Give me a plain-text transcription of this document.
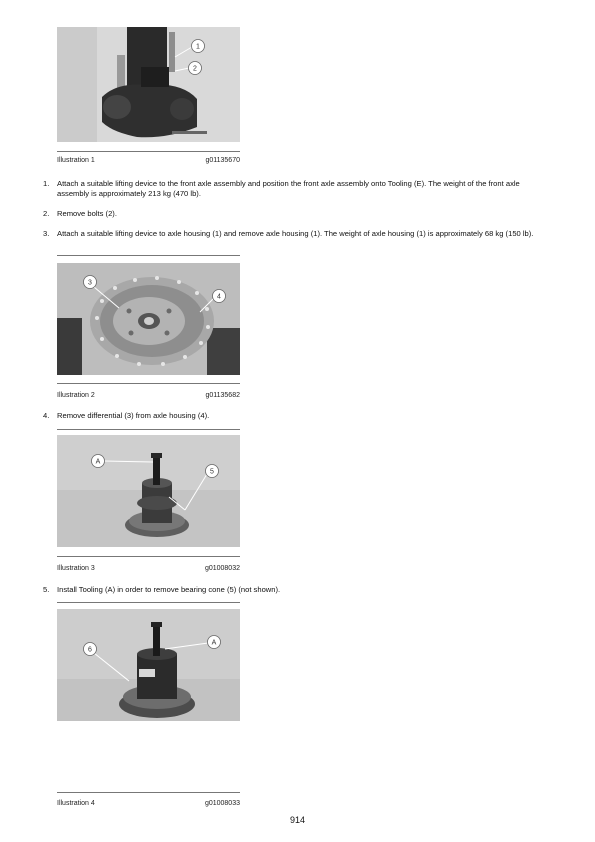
1
2
Illustration 1	g01135670
1. Attach a suitable lifting device to the front axle assembly and position the front axle assembly onto Tooling (E). The weight of the front axle assembly is approximately 213 kg (470 lb).
2. Remove bolts (2).
3. Attach a suitable lifting device to axle housing (1) and remove axle housing (1). The weight of axle housing (1) is approximately 68 kg (150 lb).
3
4
Illustration 2	g01135682
4. Remove differential (3) from axle housing (4).
A
5
Illustration 3	g01008032
5. Install Tooling (A) in order to remove bearing cone (5) (not shown).
6
A
Illustration 4	g01008033
914
